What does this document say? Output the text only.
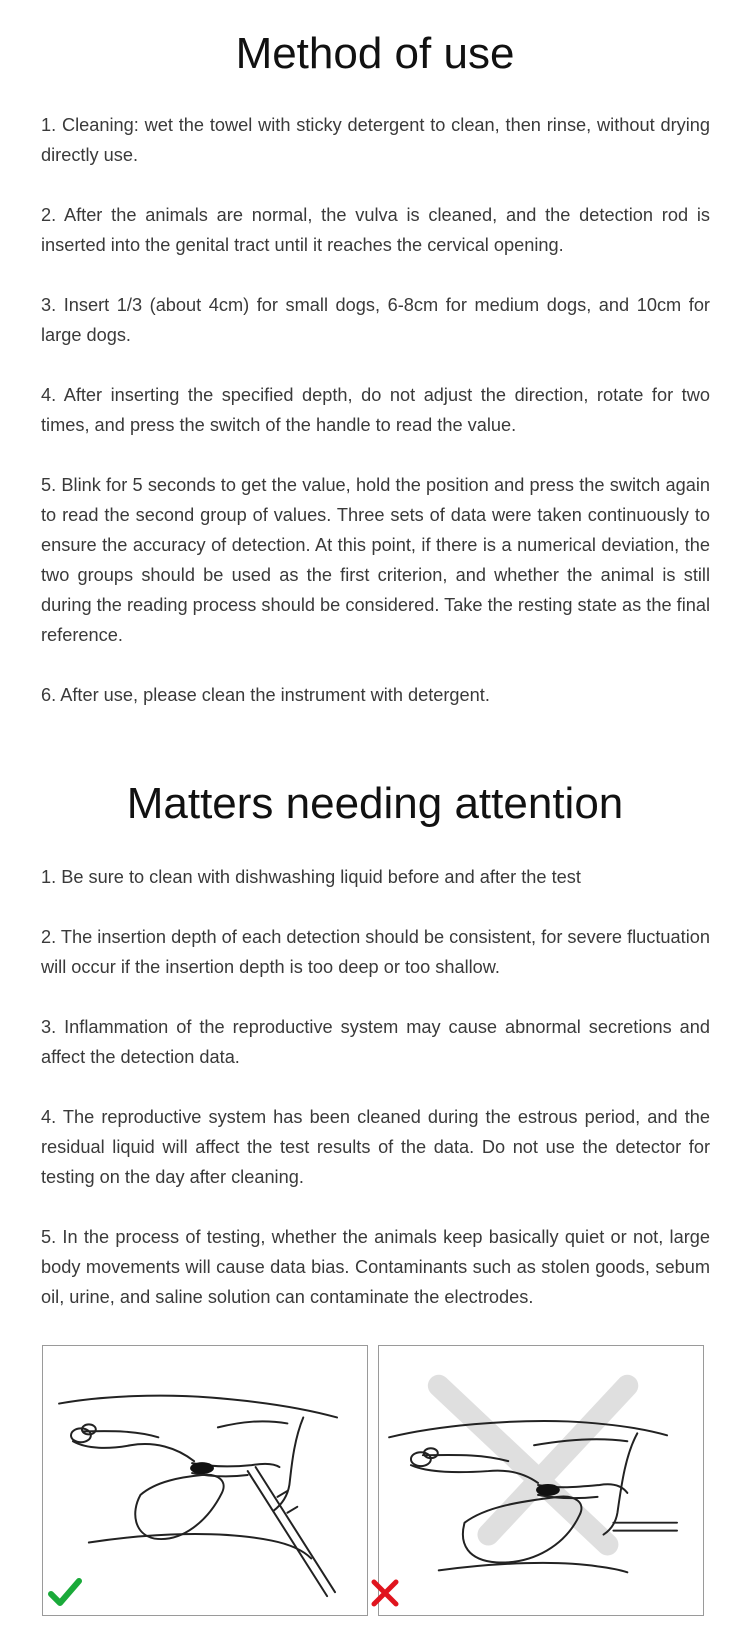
Method of use

1. Cleaning: wet the towel with sticky detergent to clean, then rinse, without drying directly use.

2. After the animals are normal, the vulva is cleaned, and the detection rod is inserted into the genital tract until it reaches the cervical opening.

3. Insert 1/3 (about 4cm) for small dogs, 6-8cm for medium dogs, and 10cm for large dogs.

4. After inserting the specified depth, do not adjust the direction, rotate for two times, and press the switch of the handle to read the value.

5. Blink for 5 seconds to get the value, hold the position and press the switch again to read the second group of values. Three sets of data were taken continuously to ensure the accuracy of detection. At this point, if there is a numerical deviation, the two groups should be used as the first criterion, and whether the animal is still during the reading process should be considered. Take the resting state as the final reference.

6. After use, please clean the instrument with detergent.

Matters needing attention

1. Be sure to clean with dishwashing liquid before and after the test

2. The insertion depth of each detection should be consistent, for severe fluctuation will occur if the insertion depth is too deep or too shallow.

3. Inflammation of the reproductive system may cause abnormal secretions and affect the detection data.

4. The reproductive system has been cleaned during the estrous period, and the residual liquid will affect the test results of the data. Do not use the detector for testing on the day after cleaning.

5. In the process of testing, whether the animals keep basically quiet or not, large body movements will cause data bias. Contaminants such as stolen goods, sebum oil, urine, and saline solution can contaminate the electrodes.
